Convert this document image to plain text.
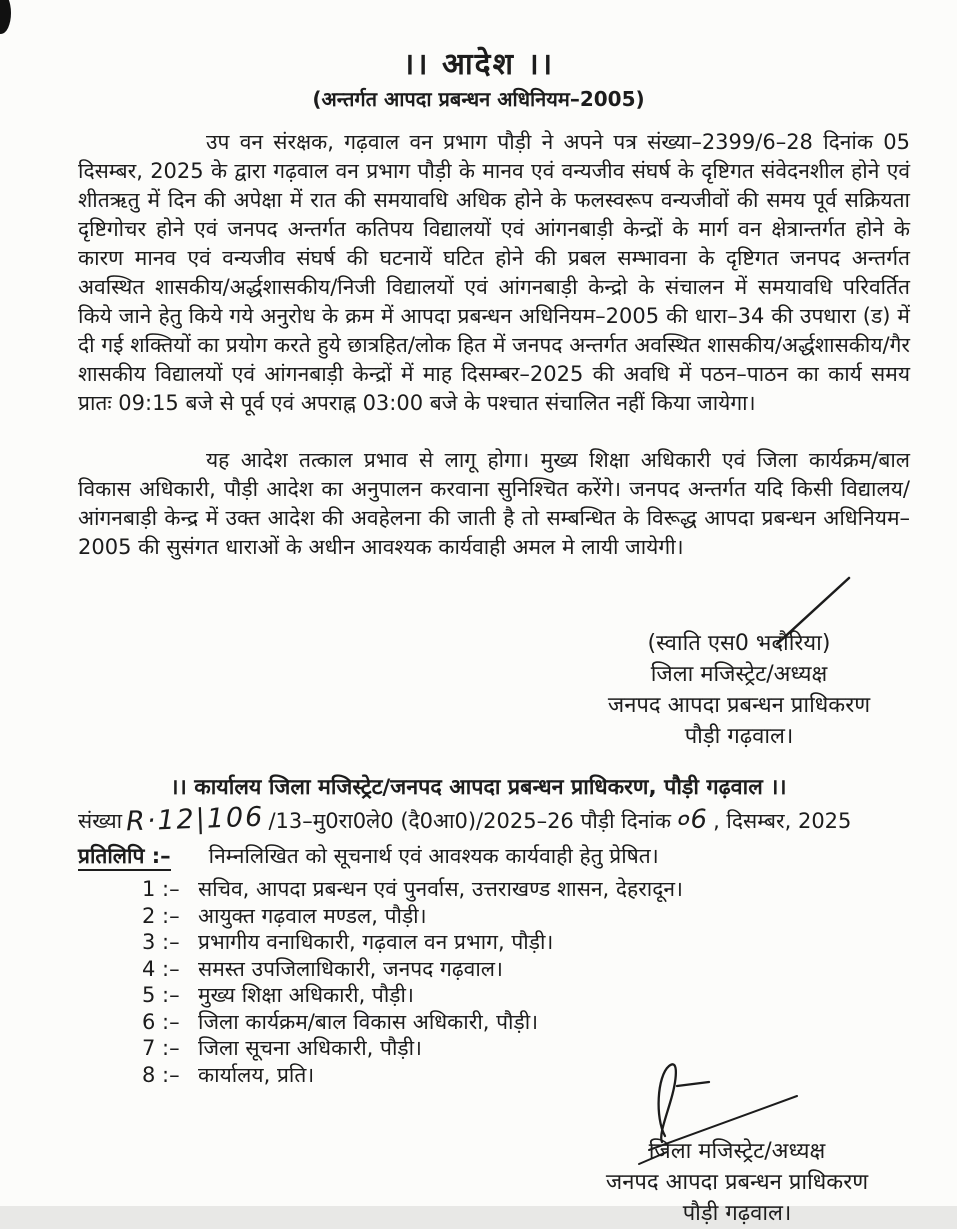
।। आदेश ।।
(अन्तर्गत आपदा प्रबन्धन अधिनियम–2005)
उप वन संरक्षक, गढ़वाल वन प्रभाग पौड़ी ने अपने पत्र संख्या–2399/6–28 दिनांक 05 दिसम्बर, 2025 के द्वारा गढ़वाल वन प्रभाग पौड़ी के मानव एवं वन्यजीव संघर्ष के दृष्टिगत संवेदनशील होने एवं शीतऋतु में दिन की अपेक्षा में रात की समयावधि अधिक होने के फलस्वरूप वन्यजीवों की समय पूर्व सक्रियता दृष्टिगोचर होने एवं जनपद अन्तर्गत कतिपय विद्यालयों एवं आंगनबाड़ी केन्द्रों के मार्ग वन क्षेत्रान्तर्गत होने के कारण मानव एवं वन्यजीव संघर्ष की घटनायें घटित होने की प्रबल सम्भावना के दृष्टिगत जनपद अन्तर्गत अवस्थित शासकीय/अर्द्धशासकीय/निजी विद्यालयों एवं आंगनबाड़ी केन्द्रो के संचालन में समयावधि परिवर्तित किये जाने हेतु किये गये अनुरोध के क्रम में आपदा प्रबन्धन अधिनियम–2005 की धारा–34 की उपधारा (ड) में दी गई शक्तियों का प्रयोग करते हुये छात्रहित/लोक हित में जनपद अन्तर्गत अवस्थित शासकीय/अर्द्धशासकीय/गैर शासकीय विद्यालयों एवं आंगनबाड़ी केन्द्रों में माह दिसम्बर–2025 की अवधि में पठन–पाठन का कार्य समय प्रातः 09:15 बजे से पूर्व एवं अपराह्न 03:00 बजे के पश्चात संचालित नहीं किया जायेगा।
यह आदेश तत्काल प्रभाव से लागू होगा। मुख्य शिक्षा अधिकारी एवं जिला कार्यक्रम/बाल विकास अधिकारी, पौड़ी आदेश का अनुपालन करवाना सुनिश्चित करेंगे। जनपद अन्तर्गत यदि किसी विद्यालय/आंगनबाड़ी केन्द्र में उक्त आदेश की अवहेलना की जाती है तो सम्बन्धित के विरूद्ध आपदा प्रबन्धन अधिनियम–2005 की सुसंगत धाराओं के अधीन आवश्यक कार्यवाही अमल मे लायी जायेगी।
(स्वाति एस0 भदौरिया)
जिला मजिस्ट्रेट/अध्यक्ष
जनपद आपदा प्रबन्धन प्राधिकरण
पौड़ी गढ़वाल।
।। कार्यालय जिला मजिस्ट्रेट/जनपद आपदा प्रबन्धन प्राधिकरण, पौड़ी गढ़वाल ।।
संख्या R·12|106 /13–मु0रा0ले0 (दै0आ0)/2025–26 पौड़ी दिनांक ०6 , दिसम्बर, 2025
प्रतिलिपि :– निम्नलिखित को सूचनार्थ एवं आवश्यक कार्यवाही हेतु प्रेषित।
1 :– सचिव, आपदा प्रबन्धन एवं पुनर्वास, उत्तराखण्ड शासन, देहरादून।
2 :– आयुक्त गढ़वाल मण्डल, पौड़ी।
3 :– प्रभागीय वनाधिकारी, गढ़वाल वन प्रभाग, पौड़ी।
4 :– समस्त उपजिलाधिकारी, जनपद गढ़वाल।
5 :– मुख्य शिक्षा अधिकारी, पौड़ी।
6 :– जिला कार्यक्रम/बाल विकास अधिकारी, पौड़ी।
7 :– जिला सूचना अधिकारी, पौड़ी।
8 :– कार्यालय, प्रति।
जिला मजिस्ट्रेट/अध्यक्ष
जनपद आपदा प्रबन्धन प्राधिकरण
पौड़ी गढ़वाल।
